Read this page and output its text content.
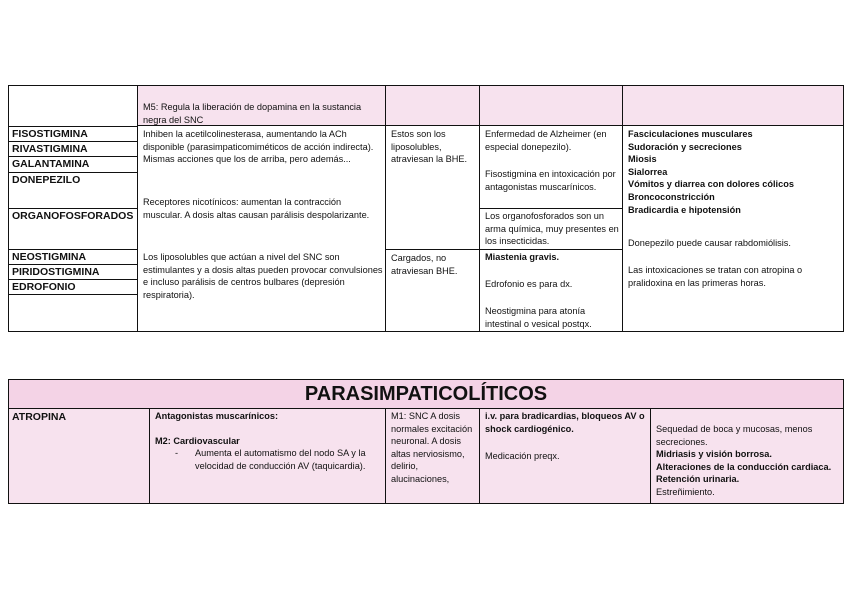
M5: Regula la liberación de dopamina en la sustancia negra del SNC
FISOSTIGMINA
RIVASTIGMINA
GALANTAMINA
DONEPEZILO
ORGANOFOSFORADOS
NEOSTIGMINA
PIRIDOSTIGMINA
EDROFONIO
Inhiben la acetilcolinesterasa, aumentando la ACh disponible (parasimpaticomiméticos de acción indirecta). Mismas acciones que los de arriba, pero además...
Receptores nicotínicos: aumentan la contracción muscular. A dosis altas causan parálisis despolarizante.
Los liposolubles que actúan a nivel del SNC son estimulantes y a dosis altas pueden provocar convulsiones e incluso parálisis de centros bulbares (depresión respiratoria).
Estos son los liposolubles, atraviesan la BHE.
Cargados, no atraviesan BHE.
Enfermedad de Alzheimer (en especial donepezilo).
Fisostigmina en intoxicación por antagonistas muscarínicos.
Los organofosforados son un arma química, muy presentes en los insecticidas.
Miastenia gravis.
Edrofonio es para dx.
Neostigmina para atonía intestinal o vesical postqx.
Fasciculaciones musculares
Sudoración y secreciones
Miosis
Sialorrea
Vómitos y diarrea con dolores cólicos
Broncoconstricción
Bradicardia e hipotensión
Donepezilo puede causar rabdomiólisis.
Las intoxicaciones se tratan con atropina o pralidoxina en las primeras horas.
PARASIMPATICOLÍTICOS
ATROPINA	Antagonistas muscarínicos:
M2: Cardiovascular
- Aumenta el automatismo del nodo SA y la velocidad de conducción AV (taquicardia).
M1: SNC A dosis normales excitación neuronal. A dosis altas nerviosismo, delirio, alucinaciones,
i.v. para bradicardias, bloqueos AV o shock cardiogénico.
Medicación preqx.
Sequedad de boca y mucosas, menos secreciones.
Midriasis y visión borrosa.
Alteraciones de la conducción cardiaca.
Retención urinaria.
Estreñimiento.
